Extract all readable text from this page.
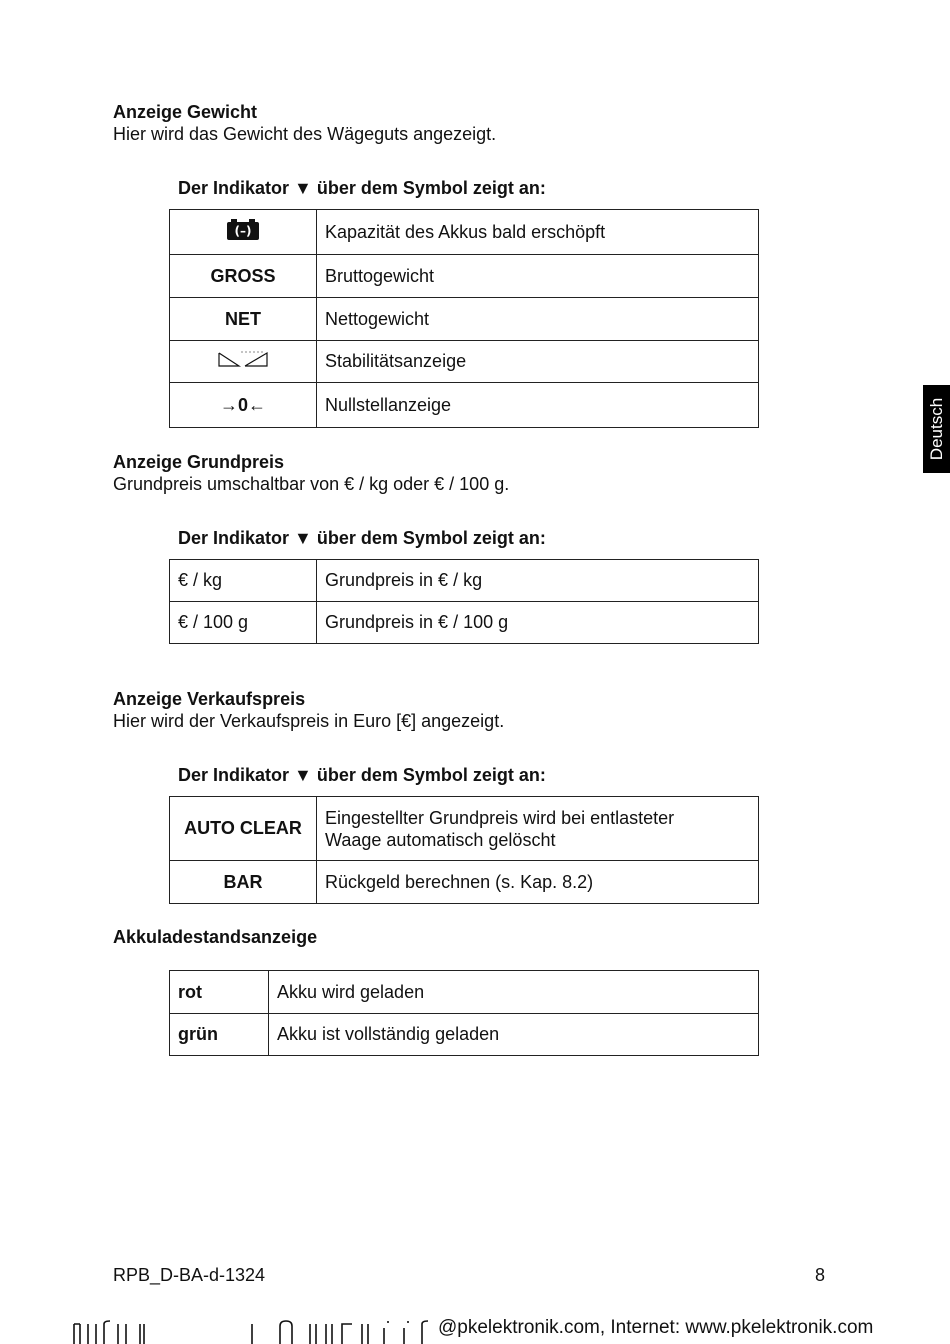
Anzeige Gewicht
Hier wird das Gewicht des Wägeguts angezeigt.
Der Indikator ▼ über dem Symbol zeigt an:
(–)	Kapazität des Akkus bald erschöpft
GROSS	Bruttogewicht
NET	Nettogewicht
	Stabilitätsanzeige
→0←	Nullstellanzeige
Anzeige Grundpreis
Grundpreis umschaltbar von € / kg oder € / 100 g.
Der Indikator ▼ über dem Symbol zeigt an:
€ / kg	Grundpreis in € / kg
€ / 100 g	Grundpreis in € / 100 g
Anzeige Verkaufspreis
Hier wird der Verkaufspreis in Euro [€] angezeigt.
Der Indikator ▼ über dem Symbol zeigt an:
AUTO CLEAR	Eingestellter Grundpreis wird bei entlasteter
Waage automatisch gelöscht

BAR	Rückgeld berechnen (s. Kap. 8.2)
Akkuladestandsanzeige
rot	Akku wird geladen
grün	Akku ist vollständig geladen
Deutsch
RPB_D-BA-d-1324	8
@pkelektronik.com, Internet: www.pkelektronik.com
